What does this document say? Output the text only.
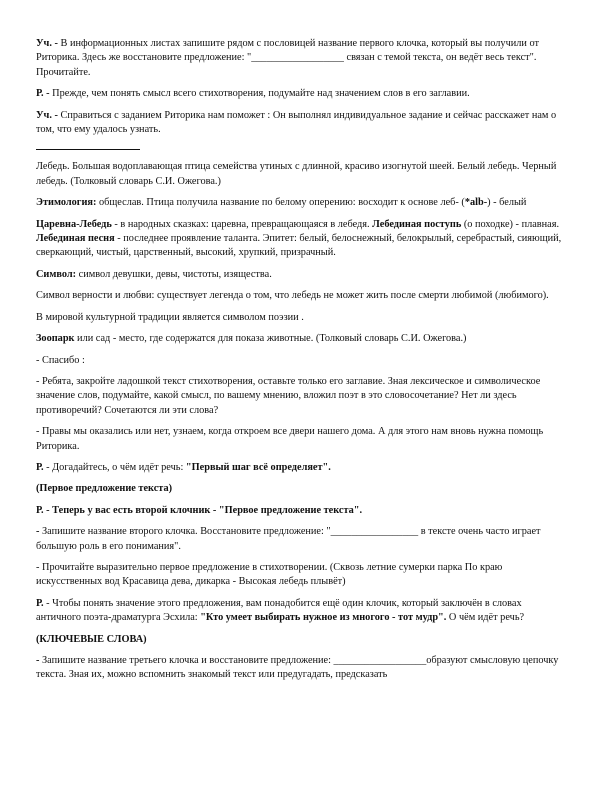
Уч. - В информационных листах запишите рядом с пословицей название первого клочка, который вы получили от Риторика. Здесь же восстановите предложение: "__________________ связан с темой текста, он ведёт весь текст". Прочитайте.

Р. - Прежде, чем понять смысл всего стихотворения, подумайте над значением слов в его заглавии.

Уч. - Справиться с заданием Риторика нам поможет : Он выполнял индивидуальное задание и сейчас расскажет нам о том, что ему удалось узнать.

Лебедь. Большая водоплавающая птица семейства утиных с длинной, красиво изогнутой шеей. Белый лебедь. Черный лебедь. (Толковый словарь С.И. Ожегова.)

Этимология: общеслав. Птица получила название по белому оперению: восходит к основе леб- (*alb-) - белый

Царевна-Лебедь - в народных сказках: царевна, превращающаяся в лебедя. Лебединая поступь (о походке) - плавная. Лебединая песня - последнее проявление таланта. Эпитет: белый, белоснежный, белокрылый, серебрастый, сияющий, сверкающий, чистый, царственный, высокий, хрупкий, призрачный.

Символ: символ девушки, девы, чистоты, изящества.

Символ верности и любви: существует легенда о том, что лебедь не может жить после смерти любимой (любимого).

В мировой культурной традиции является символом поэзии .

Зоопарк или сад - место, где содержатся для показа животные. (Толковый словарь С.И. Ожегова.)

- Спасибо :

- Ребята, закройте ладошкой текст стихотворения, оставьте только его заглавие. Зная лексическое и символическое значение слов, подумайте, какой смысл, по вашему мнению, вложил поэт в это словосочетание? Нет ли здесь противоречий? Сочетаются ли эти слова?

- Правы мы оказались или нет, узнаем, когда откроем все двери нашего дома. А для этого нам вновь нужна помощь Риторика.

Р. - Догадайтесь, о чём идёт речь: "Первый шаг всё определяет".

(Первое предложение текста)

Р. - Теперь у вас есть второй клочник - "Первое предложение текста".

- Запишите название второго клочка. Восстановите предложение: "_________________ в тексте очень часто играет большую роль в его понимания".

- Прочитайте выразительно первое предложение в стихотворении. (Сквозь летние сумерки парка По краю искусственных вод Красавица дева, дикарка - Высокая лебедь плывёт)

Р. - Чтобы понять значение этого предложения, вам понадобится ещё один клочик, который заключён в словах античного поэта-драматурга Эсхила: "Кто умеет выбирать нужное из многого - тот мудр". О чём идёт речь?

(КЛЮЧЕВЫЕ СЛОВА)

- Запишите название третьего клочка и восстановите предложение: __________________образуют смысловую цепочку текста. Зная их, можно вспомнить знакомый текст или предугадать, предсказать
